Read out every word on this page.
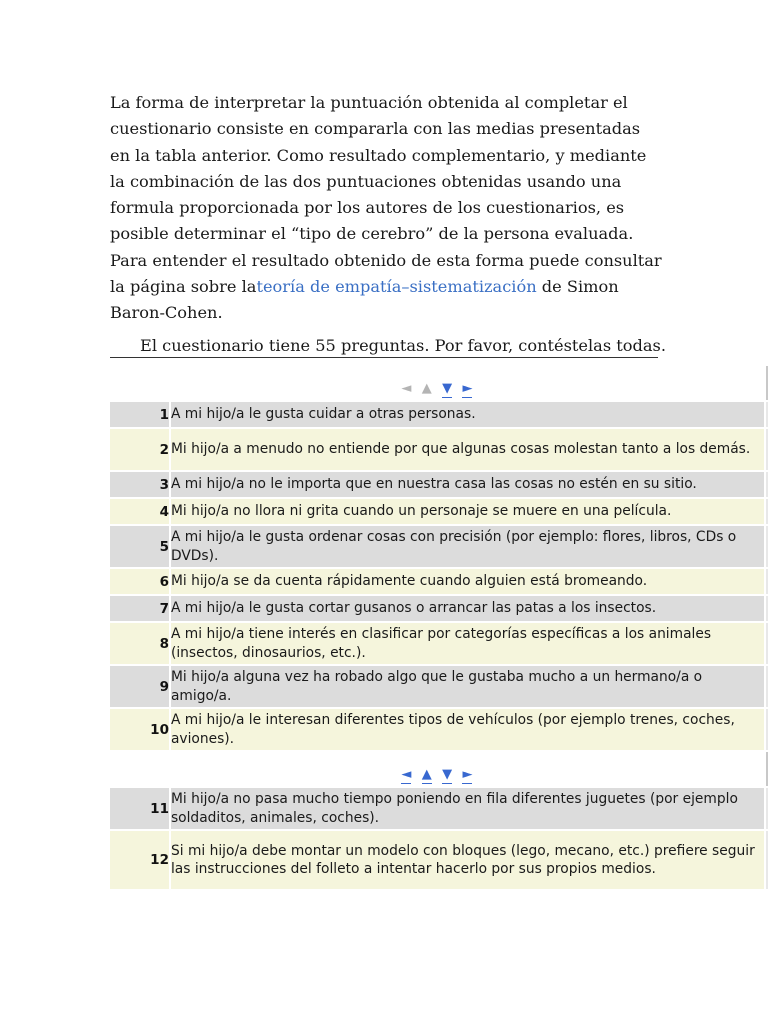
La forma de interpretar la puntuación obtenida al completar el cuestionario consiste en compararla con las medias presentadas en la tabla anterior. Como resultado complementario, y mediante la combinación de las dos puntuaciones obtenidas usando una formula proporcionada por los autores de los cuestionarios, es posible determinar el “tipo de cerebro” de la persona evaluada. Para entender el resultado obtenido de esta forma puede consultar la página sobre lateoría de empatía–sistematización de Simon Baron-Cohen.

El cuestionario tiene 55 preguntas. Por favor, contéstelas todas.
◄ ▲ ▼ ►		
1	A mi hijo/a le gusta cuidar a otras personas.	
2	Mi hijo/a a menudo no entiende por que algunas cosas molestan tanto a los demás.	
3	A mi hijo/a no le importa que en nuestra casa las cosas no estén en su sitio.	
4	Mi hijo/a no llora ni grita cuando un personaje se muere en una película.	
5	A mi hijo/a le gusta ordenar cosas con precisión (por ejemplo: flores, libros, CDs o DVDs).	
6	Mi hijo/a se da cuenta rápidamente cuando alguien está bromeando.	
7	A mi hijo/a le gusta cortar gusanos o arrancar las patas a los insectos.	
8	A mi hijo/a tiene interés en clasificar por categorías específicas a los animales (insectos, dinosaurios, etc.).	
9	Mi hijo/a alguna vez ha robado algo que le gustaba mucho a un hermano/a o amigo/a.	
10	A mi hijo/a le interesan diferentes tipos de vehículos (por ejemplo trenes, coches, aviones).	
◄ ▲ ▼ ►		
11	Mi hijo/a no pasa mucho tiempo poniendo en fila diferentes juguetes (por ejemplo soldaditos, animales, coches).	
12	Si mi hijo/a debe montar un modelo con bloques (lego, mecano, etc.) prefiere seguir las instrucciones del folleto a intentar hacerlo por sus propios medios.	
